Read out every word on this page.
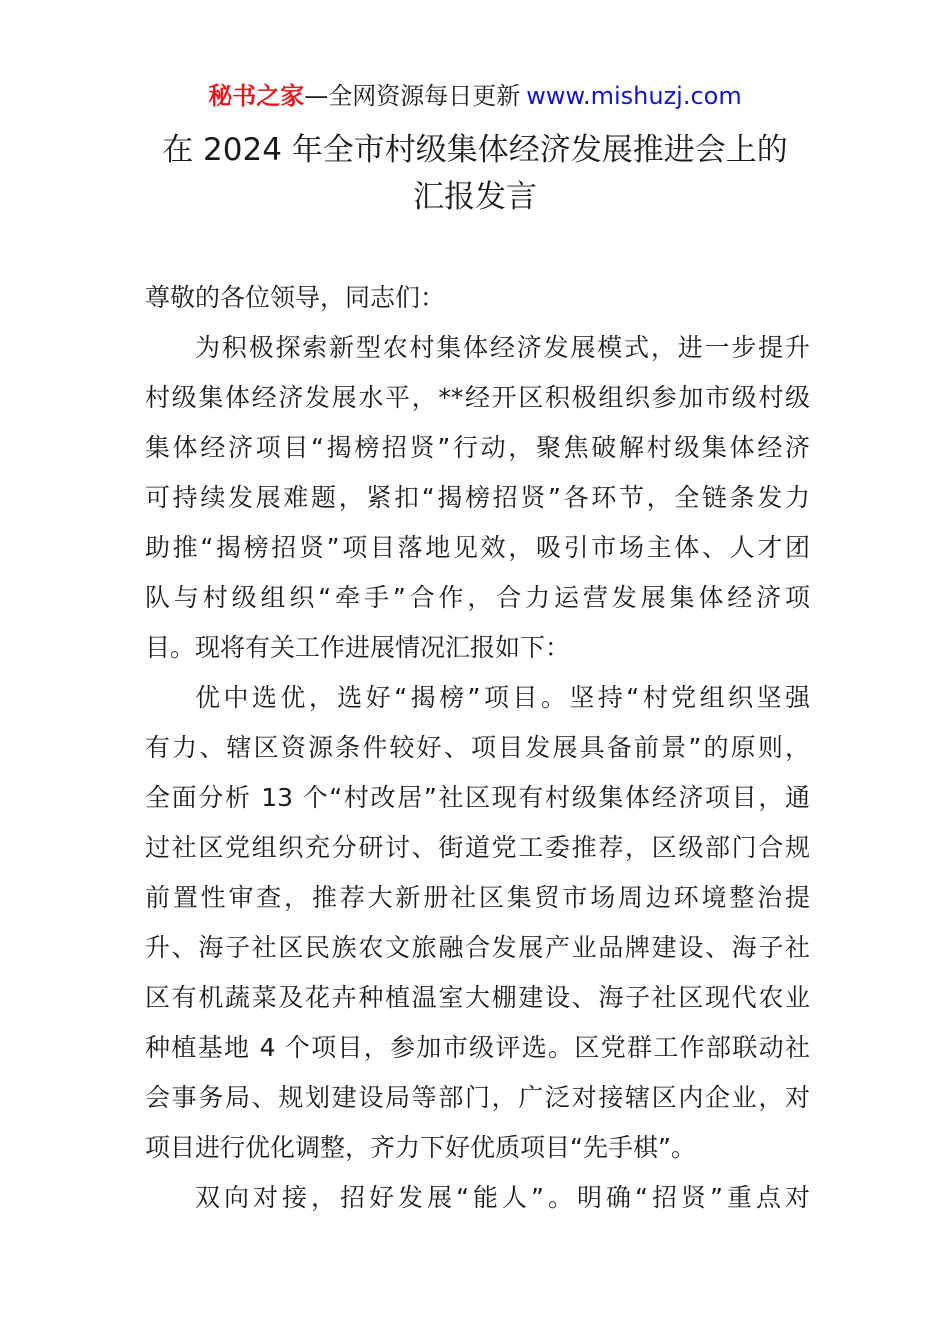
秘书之家—全网资源每日更新 www.mishuzj.com
在 2024 年全市村级集体经济发展推进会上的
汇报发言
尊敬的各位领导，同志们：
为积极探索新型农村集体经济发展模式，进一步提升
村级集体经济发展水平，**经开区积极组织参加市级村级
集体经济项目“揭榜招贤”行动，聚焦破解村级集体经济
可持续发展难题，紧扣“揭榜招贤”各环节，全链条发力
助推“揭榜招贤”项目落地见效，吸引市场主体、人才团
队与村级组织“牵手”合作，合力运营发展集体经济项
目。现将有关工作进展情况汇报如下：
优中选优，选好“揭榜”项目。坚持“村党组织坚强
有力、辖区资源条件较好、项目发展具备前景”的原则，
全面分析 13 个“村改居”社区现有村级集体经济项目，通
过社区党组织充分研讨、街道党工委推荐，区级部门合规
前置性审查，推荐大新册社区集贸市场周边环境整治提
升、海子社区民族农文旅融合发展产业品牌建设、海子社
区有机蔬菜及花卉种植温室大棚建设、海子社区现代农业
种植基地 4 个项目，参加市级评选。区党群工作部联动社
会事务局、规划建设局等部门，广泛对接辖区内企业，对
项目进行优化调整，齐力下好优质项目“先手棋”。
双向对接，招好发展“能人”。明确“招贤”重点对
